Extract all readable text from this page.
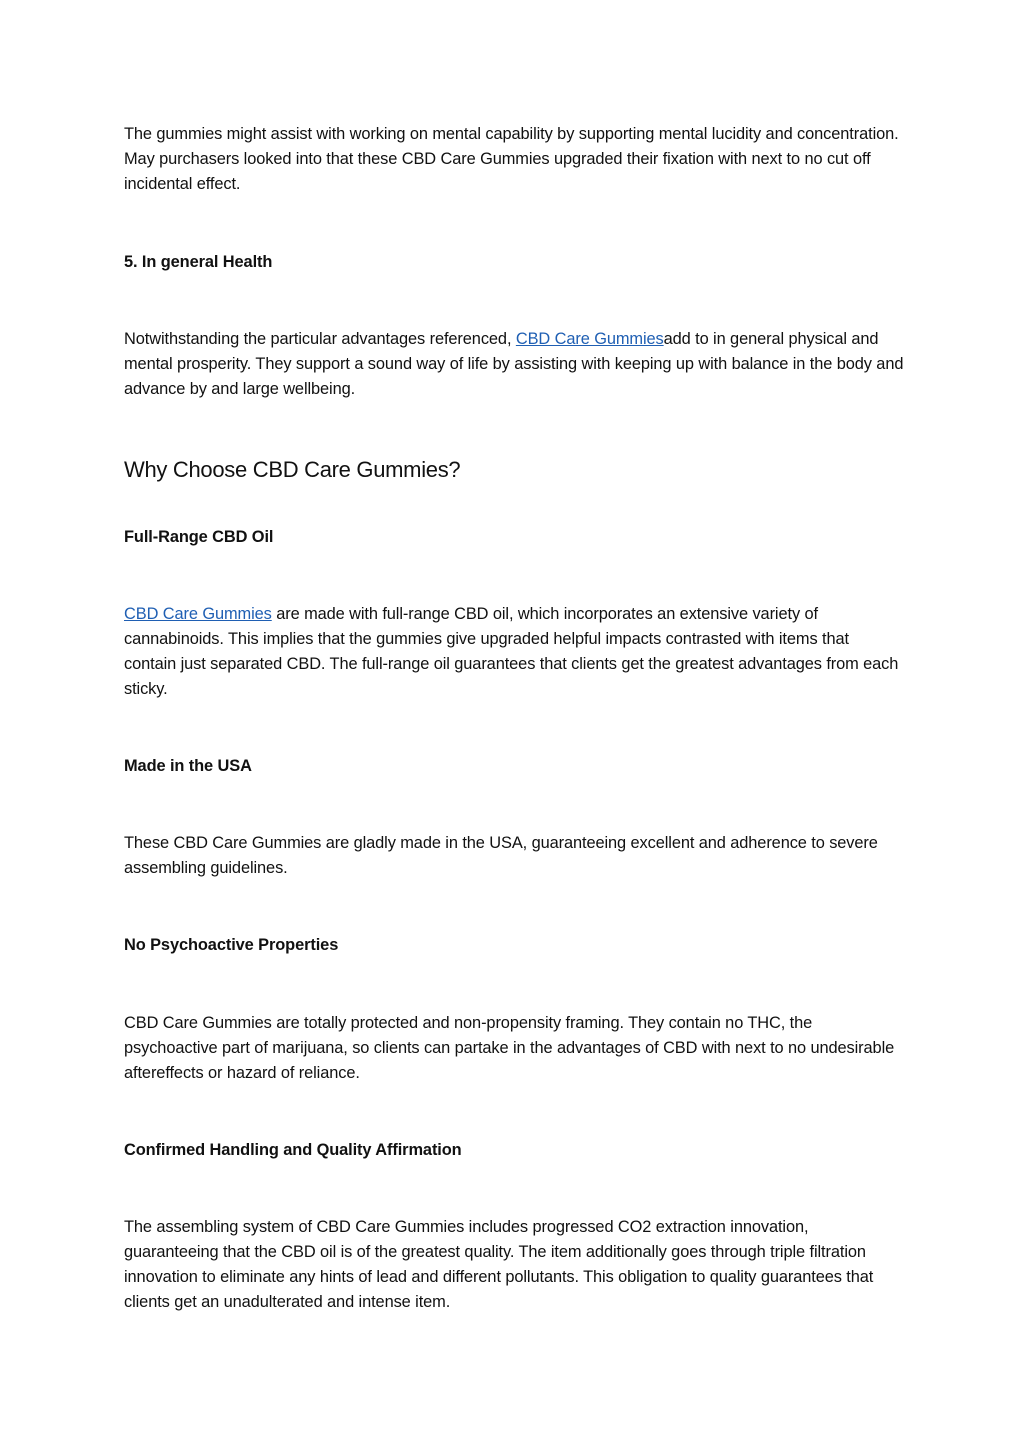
The gummies might assist with working on mental capability by supporting mental lucidity and concentration. May purchasers looked into that these CBD Care Gummies upgraded their fixation with next to no cut off incidental effect.

5. In general Health

Notwithstanding the particular advantages referenced, CBD Care Gummiesadd to in general physical and mental prosperity. They support a sound way of life by assisting with keeping up with balance in the body and advance by and large wellbeing.

Why Choose CBD Care Gummies?
Full-Range CBD Oil

CBD Care Gummies are made with full-range CBD oil, which incorporates an extensive variety of cannabinoids. This implies that the gummies give upgraded helpful impacts contrasted with items that contain just separated CBD. The full-range oil guarantees that clients get the greatest advantages from each sticky.

Made in the USA

These CBD Care Gummies are gladly made in the USA, guaranteeing excellent and adherence to severe assembling guidelines.

No Psychoactive Properties

CBD Care Gummies are totally protected and non-propensity framing. They contain no THC, the psychoactive part of marijuana, so clients can partake in the advantages of CBD with next to no undesirable aftereffects or hazard of reliance.

Confirmed Handling and Quality Affirmation

The assembling system of CBD Care Gummies includes progressed CO2 extraction innovation, guaranteeing that the CBD oil is of the greatest quality. The item additionally goes through triple filtration innovation to eliminate any hints of lead and different pollutants. This obligation to quality guarantees that clients get an unadulterated and intense item.
